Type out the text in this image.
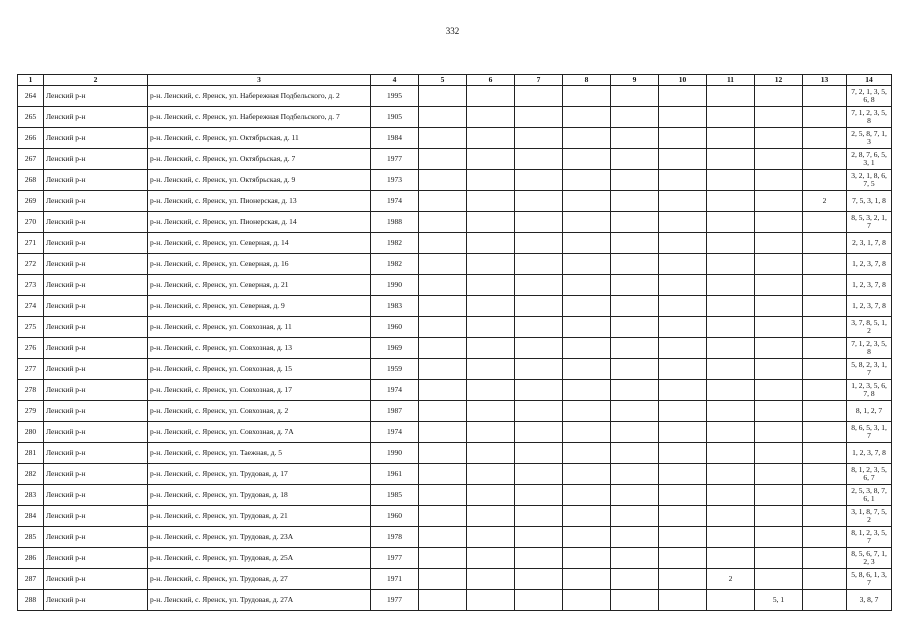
332
1	2	3	4	5	6	7	8	9	10	11	12	13	14
264	Ленский р-н	р-н. Ленский, с. Яренск, ул. Набережная Подбельского, д. 2	1995										7, 2, 1, 3, 5, 6, 8
265	Ленский р-н	р-н. Ленский, с. Яренск, ул. Набережная Подбельского, д. 7	1905										7, 1, 2, 3, 5, 8
266	Ленский р-н	р-н. Ленский, с. Яренск, ул. Октябрьская, д. 11	1984										2, 5, 8, 7, 1, 3
267	Ленский р-н	р-н. Ленский, с. Яренск, ул. Октябрьская, д. 7	1977										2, 8, 7, 6, 5, 3, 1
268	Ленский р-н	р-н. Ленский, с. Яренск, ул. Октябрьская, д. 9	1973										3, 2, 1, 8, 6, 7, 5
269	Ленский р-н	р-н. Ленский, с. Яренск, ул. Пионерская, д. 13	1974									2	7, 5, 3, 1, 8
270	Ленский р-н	р-н. Ленский, с. Яренск, ул. Пионерская, д. 14	1988										8, 5, 3, 2, 1, 7
271	Ленский р-н	р-н. Ленский, с. Яренск, ул. Северная, д. 14	1982										2, 3, 1, 7, 8
272	Ленский р-н	р-н. Ленский, с. Яренск, ул. Северная, д. 16	1982										1, 2, 3, 7, 8
273	Ленский р-н	р-н. Ленский, с. Яренск, ул. Северная, д. 21	1990										1, 2, 3, 7, 8
274	Ленский р-н	р-н. Ленский, с. Яренск, ул. Северная, д. 9	1983										1, 2, 3, 7, 8
275	Ленский р-н	р-н. Ленский, с. Яренск, ул. Совхозная, д. 11	1960										3, 7, 8, 5, 1, 2
276	Ленский р-н	р-н. Ленский, с. Яренск, ул. Совхозная, д. 13	1969										7, 1, 2, 3, 5, 8
277	Ленский р-н	р-н. Ленский, с. Яренск, ул. Совхозная, д. 15	1959										5, 8, 2, 3, 1, 7
278	Ленский р-н	р-н. Ленский, с. Яренск, ул. Совхозная, д. 17	1974										1, 2, 3, 5, 6, 7, 8
279	Ленский р-н	р-н. Ленский, с. Яренск, ул. Совхозная, д. 2	1987										8, 1, 2, 7
280	Ленский р-н	р-н. Ленский, с. Яренск, ул. Совхозная, д. 7А	1974										8, 6, 5, 3, 1, 7
281	Ленский р-н	р-н. Ленский, с. Яренск, ул. Таежная, д. 5	1990										1, 2, 3, 7, 8
282	Ленский р-н	р-н. Ленский, с. Яренск, ул. Трудовая, д. 17	1961										8, 1, 2, 3, 5, 6, 7
283	Ленский р-н	р-н. Ленский, с. Яренск, ул. Трудовая, д. 18	1985										2, 5, 3, 8, 7, 6, 1
284	Ленский р-н	р-н. Ленский, с. Яренск, ул. Трудовая, д. 21	1960										3, 1, 8, 7, 5, 2
285	Ленский р-н	р-н. Ленский, с. Яренск, ул. Трудовая, д. 23А	1978										8, 1, 2, 3, 5, 7
286	Ленский р-н	р-н. Ленский, с. Яренск, ул. Трудовая, д. 25А	1977										8, 5, 6, 7, 1, 2, 3
287	Ленский р-н	р-н. Ленский, с. Яренск, ул. Трудовая, д. 27	1971							2			5, 8, 6, 1, 3, 7
288	Ленский р-н	р-н. Ленский, с. Яренск, ул. Трудовая, д. 27А	1977								5, 1		3, 8, 7
